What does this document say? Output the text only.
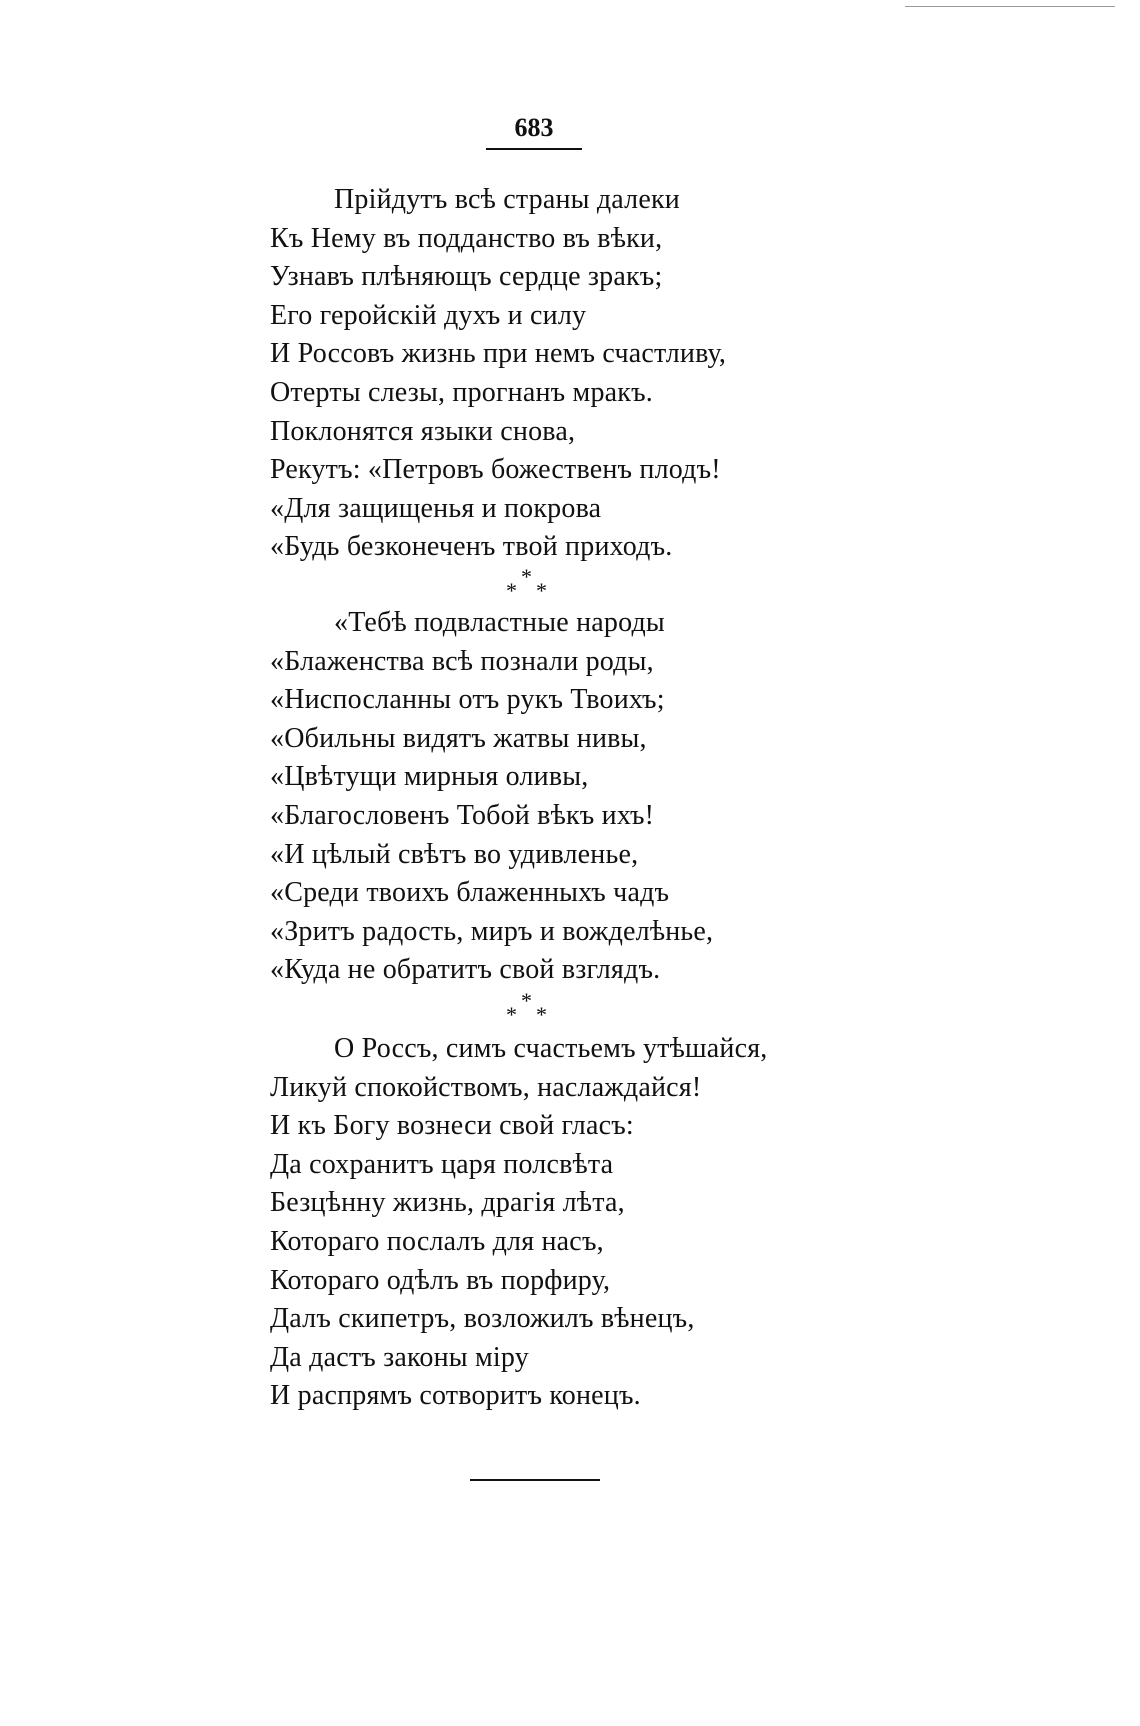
683
Прійдутъ всѣ страны далеки
Къ Нему въ подданство въ вѣки,
Узнавъ плѣняющъ сердце зракъ;
Его геройскій духъ и силу
И Россовъ жизнь при немъ счастливу,
Отерты слезы, прогнанъ мракъ.
Поклонятся языки снова,
Рекутъ: «Петровъ божественъ плодъ!
«Для защищенья и покрова
«Будь безконеченъ твой приходъ.
*
* *
«Тебѣ подвластные народы
«Блаженства всѣ познали роды,
«Ниспосланны отъ рукъ Твоихъ;
«Обильны видятъ жатвы нивы,
«Цвѣтущи мирныя оливы,
«Благословенъ Тобой вѣкъ ихъ!
«И цѣлый свѣтъ во удивленье,
«Среди твоихъ блаженныхъ чадъ
«Зритъ радость, миръ и вожделѣнье,
«Куда не обратитъ свой взглядъ.
*
* *
О Россъ, симъ счастьемъ утѣшайся,
Ликуй спокойствомъ, наслаждайся!
И къ Богу вознеси свой гласъ:
Да сохранитъ царя полсвѣта
Безцѣнну жизнь, драгія лѣта,
Котораго послалъ для насъ,
Котораго одѣлъ въ порфиру,
Далъ скипетръ, возложилъ вѣнецъ,
Да дастъ законы міру
И распрямъ сотворитъ конецъ.
